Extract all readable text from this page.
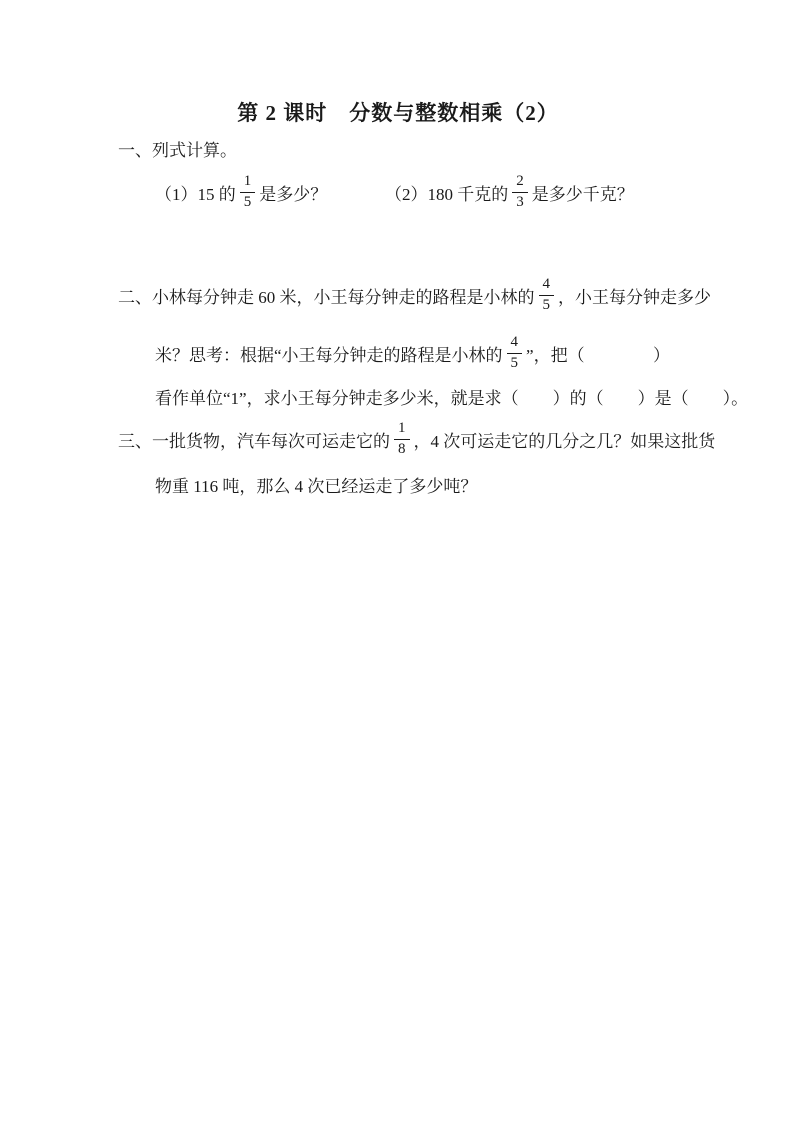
第 2 课时　分数与整数相乘（2）
一、列式计算。
（1）15 的 $\frac{1}{5}$ 是多少？	（2）180 千克的 $\frac{2}{3}$ 是多少千克？
二、小林每分钟走 60 米，小王每分钟走的路程是小林的 $\frac{4}{5}$ ，小王每分钟走多少
米？思考：根据“小王每分钟走的路程是小林的 $\frac{4}{5}$ ”，把（	）
看作单位“1”，求小王每分钟走多少米，就是求（　　）的（　　）是（　　）。
三、一批货物，汽车每次可运走它的 $\frac{1}{8}$ ，4 次可运走它的几分之几？如果这批货
物重 116 吨，那么 4 次已经运走了多少吨？
